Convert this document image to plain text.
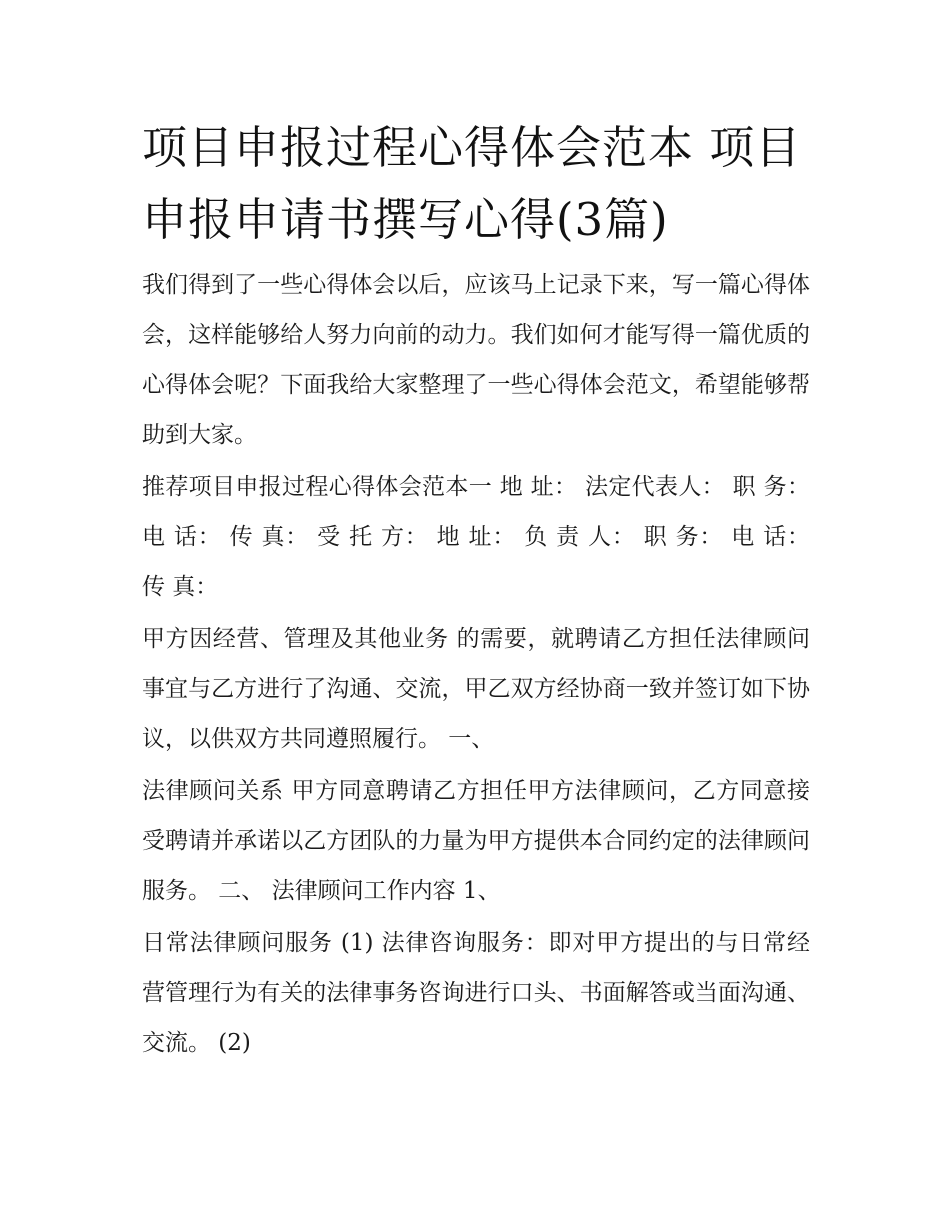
项目申报过程心得体会范本 项目申报申请书撰写心得(3篇)

我们得到了一些心得体会以后，应该马上记录下来，写一篇心得体会，这样能够给人努力向前的动力。我们如何才能写得一篇优质的心得体会呢？下面我给大家整理了一些心得体会范文，希望能够帮助到大家。

推荐项目申报过程心得体会范本一 地 址： 法定代表人： 职 务： 电 话： 传 真： 受 托 方： 地 址： 负 责 人： 职 务： 电 话： 传 真：

甲方因经营、管理及其他业务 的需要，就聘请乙方担任法律顾问事宜与乙方进行了沟通、交流，甲乙双方经协商一致并签订如下协议，以供双方共同遵照履行。 一、

法律顾问关系 甲方同意聘请乙方担任甲方法律顾问，乙方同意接受聘请并承诺以乙方团队的力量为甲方提供本合同约定的法律顾问服务。 二、 法律顾问工作内容 1、

日常法律顾问服务 (1) 法律咨询服务：即对甲方提出的与日常经营管理行为有关的法律事务咨询进行口头、书面解答或当面沟通、交流。 (2)
